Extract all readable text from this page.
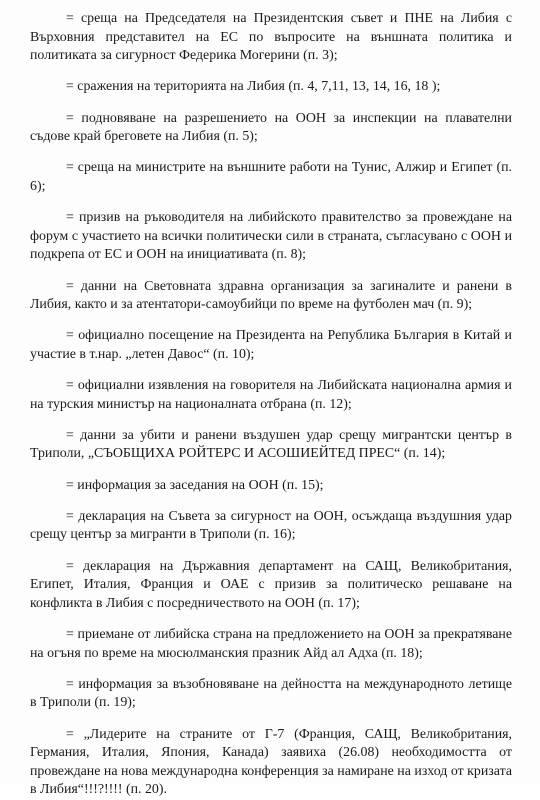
= среща на Председателя на Президентския съвет и ПНЕ на Либия с Върховния представител на ЕС по въпросите на външната политика и политиката за сигурност Федерика Могерини (п. 3);

= сражения на територията на Либия (п. 4, 7,11, 13, 14, 16, 18 );

= подновяване на разрешението на ООН за инспекции на плавателни съдове край бреговете на Либия (п. 5);

= среща на министрите на външните работи на Тунис, Алжир и Египет (п. 6);

= призив на ръководителя на либийското правителство за провеждане на форум с участието на всички политически сили в страната, съгласувано с ООН и подкрепа от ЕС и ООН на инициативата (п. 8);

= данни на Световната здравна организация за загиналите и ранени в Либия, както и за атентатори-самоубийци по време на футболен мач (п. 9);

= официално посещение на Президента на Република България в Китай и участие в т.нар. „летен Давос“ (п. 10);

= официални изявления на говорителя на Либийската национална армия и на турския министър на националната отбрана (п. 12);

= данни за убити и ранени въздушен удар срещу мигрантски център в Триполи, „СЪОБЩИХА РОЙТЕРС И АСОШИЕЙТЕД ПРЕС“ (п. 14);

= информация за заседания на ООН (п. 15);

= декларация на Съвета за сигурност на ООН, осъждаща въздушния удар срещу център за мигранти в Триполи (п. 16);

= декларация на Държавния департамент на САЩ, Великобритания, Египет, Италия, Франция и ОАЕ с призив за политическо решаване на конфликта в Либия с посредничеството на ООН (п. 17);

= приемане от либийска страна на предложението на ООН за прекратяване на огъня по време на мюсюлманския празник Айд ал Адха (п. 18);

= информация за възобновяване на дейността на международното летище в Триполи (п. 19);

= „Лидерите на страните от Г-7 (Франция, САЩ, Великобритания, Германия, Италия, Япония, Канада) заявиха (26.08) необходимостта от провеждане на нова международна конференция за намиране на изход от кризата в Либия“!!!?!!!! (п. 20).
